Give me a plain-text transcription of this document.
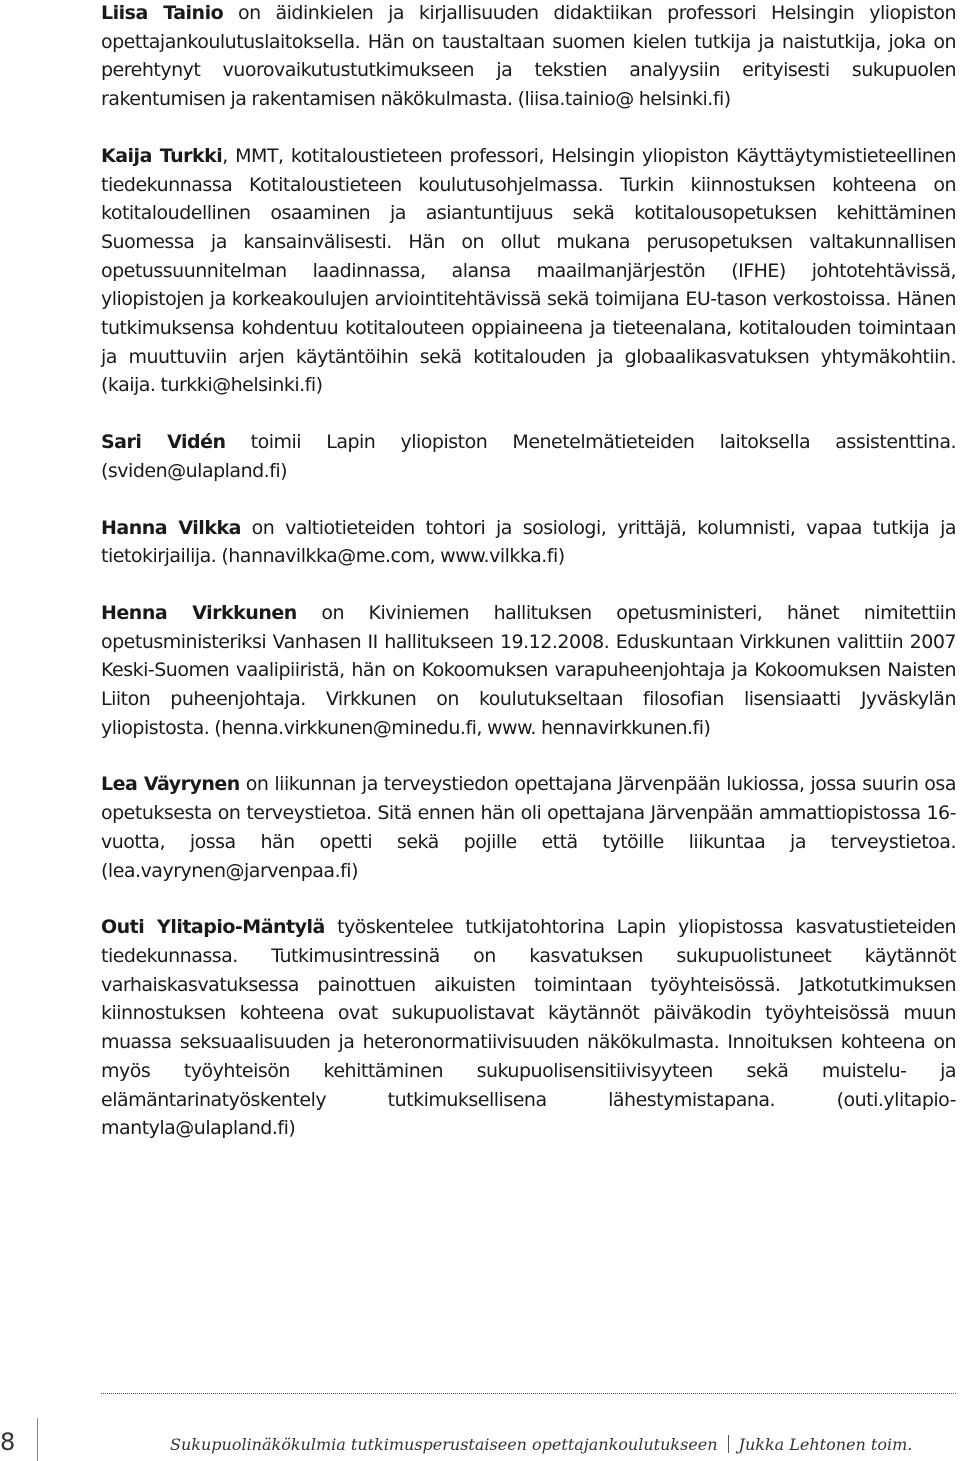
Liisa Tainio on äidinkielen ja kirjallisuuden didaktiikan professori Helsingin yliopiston opettajankoulutuslaitoksella. Hän on taustaltaan suomen kielen tutkija ja naistutkija, joka on perehtynyt vuorovaikutustutkimukseen ja tekstien analyysiin erityisesti sukupuolen rakentumisen ja rakentamisen näkökulmasta. (liisa.tainio@ helsinki.fi)

Kaija Turkki, MMT, kotitaloustieteen professori, Helsingin yliopiston Käyttäytymistieteellinen tiedekunnassa Kotitaloustieteen koulutusohjelmassa. Turkin kiinnostuksen kohteena on kotitaloudellinen osaaminen ja asiantuntijuus sekä kotitalousopetuksen kehittäminen Suomessa ja kansainvälisesti. Hän on ollut mukana perusopetuksen valtakunnallisen opetussuunnitelman laadinnassa, alansa maailmanjärjestön (IFHE) johtotehtävissä, yliopistojen ja korkeakoulujen arviointitehtävissä sekä toimijana EU-tason verkostoissa. Hänen tutkimuksensa kohdentuu kotitalouteen oppiaineena ja tieteenalana, kotitalouden toimintaan ja muuttuviin arjen käytäntöihin sekä kotitalouden ja globaalikasvatuksen yhtymäkohtiin. (kaija. turkki@helsinki.fi)

Sari Vidén toimii Lapin yliopiston Menetelmätieteiden laitoksella assistenttina. (sviden@ulapland.fi)

Hanna Vilkka on valtiotieteiden tohtori ja sosiologi, yrittäjä, kolumnisti, vapaa tutkija ja tietokirjailija. (hannavilkka@me.com, www.vilkka.fi)

Henna Virkkunen on Kiviniemen hallituksen opetusministeri, hänet nimitettiin opetusministeriksi Vanhasen II hallitukseen 19.12.2008. Eduskuntaan Virkkunen valittiin 2007 Keski-Suomen vaalipiiristä, hän on Kokoomuksen varapuheenjohtaja ja Kokoomuksen Naisten Liiton puheenjohtaja. Virkkunen on koulutukseltaan filosofian lisensiaatti Jyväskylän yliopistosta. (henna.virkkunen@minedu.fi, www. hennavirkkunen.fi)

Lea Väyrynen on liikunnan ja terveystiedon opettajana Järvenpään lukiossa, jossa suurin osa opetuksesta on terveystietoa. Sitä ennen hän oli opettajana Järvenpään ammattiopistossa 16- vuotta, jossa hän opetti sekä pojille että tytöille liikuntaa ja terveystietoa. (lea.vayrynen@jarvenpaa.fi)

Outi Ylitapio-Mäntylä työskentelee tutkijatohtorina Lapin yliopistossa kasvatustieteiden tiedekunnassa. Tutkimusintressinä on kasvatuksen sukupuolistuneet käytännöt varhaiskasvatuksessa painottuen aikuisten toimintaan työyhteisössä. Jatkotutkimuksen kiinnostuksen kohteena ovat sukupuolistavat käytännöt päiväkodin työyhteisössä muun muassa seksuaalisuuden ja heteronormatiivisuuden näkökulmasta. Innoituksen kohteena on myös työyhteisön kehittäminen sukupuolisensitiivisyyteen sekä muistelu- ja elämäntarinatyöskentely tutkimuksellisena lähestymistapana. (outi.ylitapio-mantyla@ulapland.fi)

8	Sukupuolinäkökulmia tutkimusperustaiseen opettajankoulutukseen Jukka Lehtonen toim.
